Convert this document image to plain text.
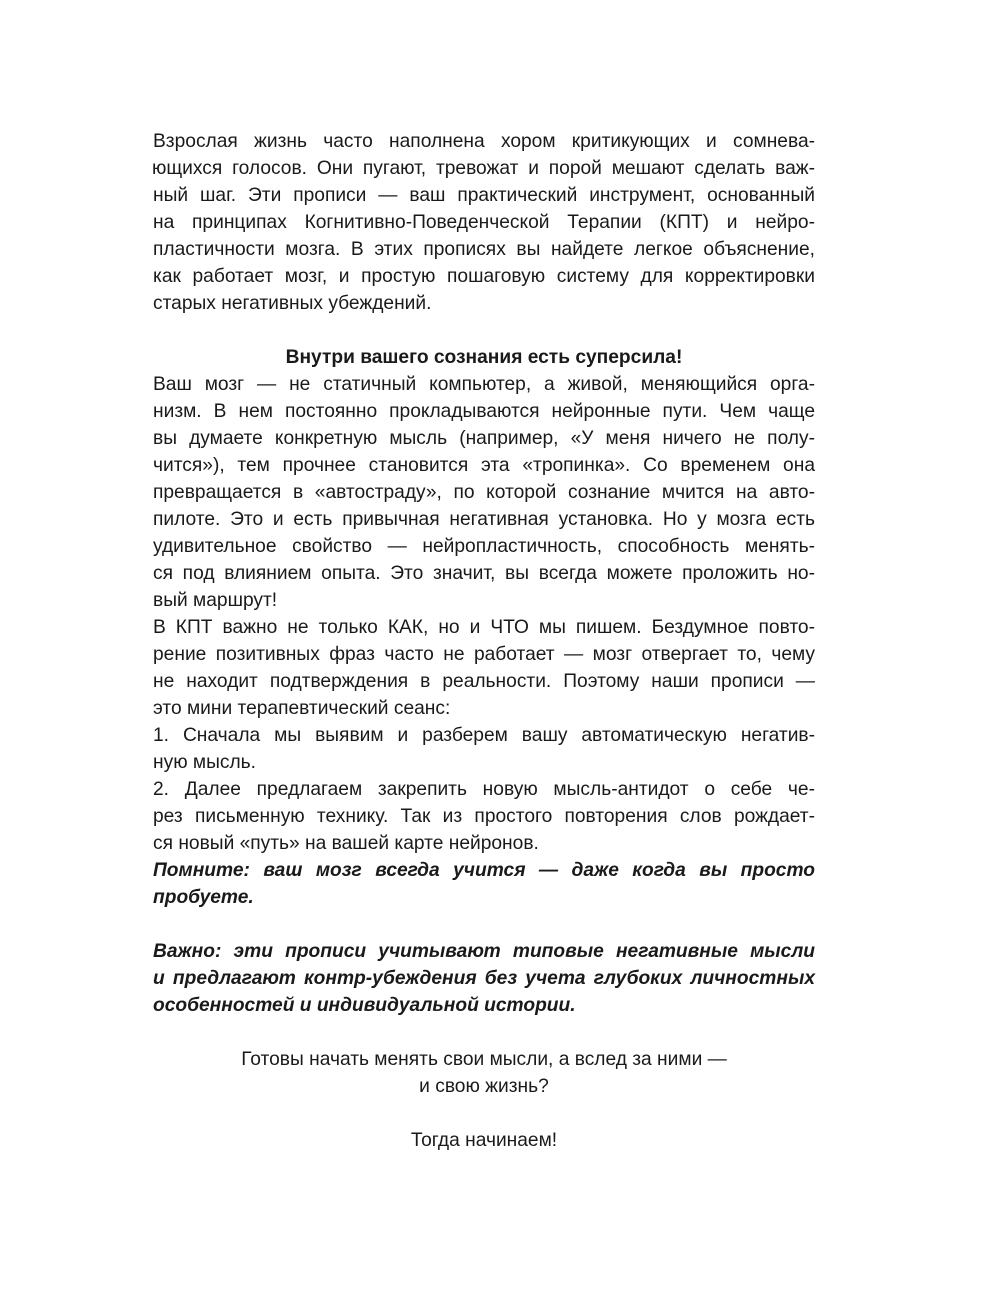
Взрослая жизнь часто наполнена хором критикующих и сомнева-
ющихся голосов. Они пугают, тревожат и порой мешают сделать важ-
ный шаг. Эти прописи — ваш практический инструмент, основанный
на принципах Когнитивно-Поведенческой Терапии (КПТ) и нейро-
пластичности мозга. В этих прописях вы найдете легкое объяснение,
как работает мозг, и простую пошаговую систему для корректировки
старых негативных убеждений.
Внутри вашего сознания есть суперсила!
Ваш мозг — не статичный компьютер, а живой, меняющийся орга-
низм. В нем постоянно прокладываются нейронные пути. Чем чаще
вы думаете конкретную мысль (например, «У меня ничего не полу-
чится»), тем прочнее становится эта «тропинка». Со временем она
превращается в «автостраду», по которой сознание мчится на авто-
пилоте. Это и есть привычная негативная установка. Но у мозга есть
удивительное свойство — нейропластичность, способность менять-
ся под влиянием опыта. Это значит, вы всегда можете проложить но-
вый маршрут!
В КПТ важно не только КАК, но и ЧТО мы пишем. Бездумное повто-
рение позитивных фраз часто не работает — мозг отвергает то, чему
не находит подтверждения в реальности. Поэтому наши прописи —
это мини терапевтический сеанс:
1. Сначала мы выявим и разберем вашу автоматическую негатив-
ную мысль.
2. Далее предлагаем закрепить новую мысль-антидот о себе че-
рез письменную технику. Так из простого повторения слов рождает-
ся новый «путь» на вашей карте нейронов.
Помните: ваш мозг всегда учится — даже когда вы просто
пробуете.
Важно: эти прописи учитывают типовые негативные мысли
и предлагают контр-убеждения без учета глубоких личностных
особенностей и индивидуальной истории.
Готовы начать менять свои мысли, а вслед за ними —
и свою жизнь?
Тогда начинаем!
